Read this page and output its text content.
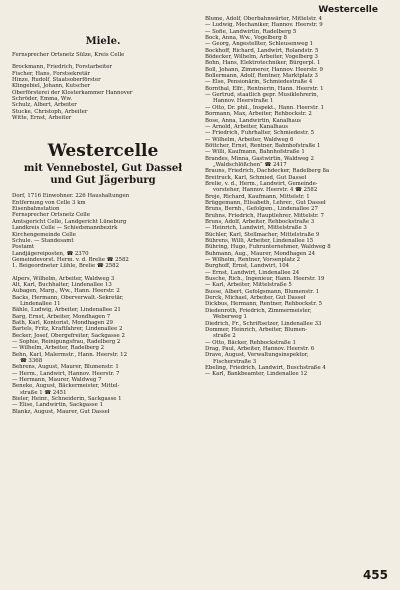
Westercelle
Miele.
Fernsprecher Ortsnetz Sülze, Kreis Celle
Brockmann, Friedrich, Forstarbeiter
Fischer, Hans, Forstsekretär
Hinze, Rudolf, Staatsoberförster
Klingebiel, Johann, Kutscher
Oberförsterei der Klosterkammer Hannover
Schröder, Emma, Ww.
Schulz, Albert, Arbeiter
Stucke, Christoph, Arbeiter
Witte, Ernst, Arbeiter
Westercelle
mit Vennebostel, Gut Dasseł
und Gut Jägerburg
Dorf, 1716 Einwohner. 226 Haushaltungen
Entfernung von Celle 3 km
Eisenbahnstation
Fernsprecher Ortsnetz Celle
Amtsgericht Celle, Landgericht Lüneburg
Landkreis Celle — Schiedsmannbezirk
Kirchengemeinde Celle
Schule. — Standesamt
Postamt
Landjägereiposten, ☎ 2370
Gemeindevorst. Herm. v. d. Brelie ☎ 2582
1. Beigeordneter Lühle, Brelie ☎ 2582
Alpers, Wilhelm, Arbeiter, Waldweg 3
Alt, Karl, Buchhalter, Lindenallee 13
Aubagen, Marg., Ww., Hann. Heerstr. 2
Backs, Hermann, Oberverwalt.-Sekretär,
Lindenallee 11
Bähle, Ludwig, Arbeiter, Lindenallee 21
Barg, Ernst, Arbeiter, Mondhagen 7
Bath, Karl, Kontorist, Mondhagen 29
Bartels, Fritz, Kraftfahrer, Lindenallee 2
Becker, Josef, Obergefreiter, Sackgasse 2
— Sophie, Reinigungsfrau, Radelberg 2
— Wilhelm, Arbeiter, Radelberg 2
Behn, Karl, Malermstr., Hann. Heerstr. 12
☎ 3368
Behrens, August, Maurer, Blumenstr. 1
— Herm., Landwirt, Hannov. Heerstr. 7
— Hermann, Maurer, Waldweg 7
Beneke, August, Bäckermeister, Mittel-
straße 1 ☎ 2451
Bieler, Heinr., Schneiderin, Sackgasse 1
— Elise, Landwirtin, Sackgasse 1
Blankz, August, Maurer, Gut Dasseł
Blume, Adolf, Oberbahnwärter, Mittelstr. 4
— Ludwig, Mechaniker, Hannov. Heerstr. 9
— Sofie, Landwirtin, Radelberg 5
Bock, Anna, Ww., Vogelberg 8
— Georg, Angestellter, Schleusenweg 1
Bockhoff, Richard, Landwirt, Rolandstr. 5
Bödecker, Wilhelm, Arbeiter, Vogelberg 3
Bohn, Hans, Elektrotechniker, Bürgerpl. 1
Boll, Johann, Zimmerer, Hannov. Heerstr. 9
Bollermann, Adolf, Rentner, Marktplatz 3
— Else, Pensionärin, Schmiedestraße 4
Bornthal, Elfr., Rentnerin, Hann. Heerstr. 1
— Gertrud, staatlich gepr. Musiklehrerin,
Hannov. Heerstraße 1
— Otto, Dr. phil., Inspekt., Hann. Heerstr. 1
Bormann, Max, Arbeiter, Rehbockstr. 2
Bose, Anna, Landwirtin, Kanalhaus
— Arnold, Arbeiter, Kanalhaus
— Friedrich, Fuhrhalter, Schmiedestr. 5
— Wilhelm, Arbeiter, Waldweg 6
Böttcher, Ernst, Rentner, Bahnhofstraße 1
— Willi, Kaufmann, Bahnhofstraße 1
Brandes, Minna, Gastwirtin, Waldweg 2
„Waldschlößchen“ ☎ 2417
Brauns, Friedrich, Dachdecker, Radelberg 8a
Breitruck, Karl, Schmied, Gut Dasseł
Brelie, v. d., Herm., Landwirt, Gemeinde-
vorsteher, Hannov. Heerstr. 4 ☎ 2582
Broje, Richard, Kaufmann, Mittelstr. 1
Brüggemann, Elisabeth, Lehrer., Gut Dasseł
Bruns, Bernh., Gefolgsm., Lindenallee 27
Bruhns, Friedrich, Hauptlehrer, Mittelstr. 7
Bruns, Adolf, Arbeiter, Rehbockstraße 3
— Heinrich, Landwirt, Mittelstraße 3
Büchler, Karl, Stellmacher, Mittelstraße 9
Bührens, Willi, Arbeiter, Lindenallee 15
Bühring, Hugo, Fuhrunternehmer, Waldweg 8
Buhmann, Aug., Maurer, Mondhagen 24
— Wilhelm, Rentner, Vorsenplatz 2
Burghoff, Ernst, Landwirt, 104
— Ernst, Landwirt, Lindenallee 24
Busche, Rich., Ingenieur, Hann. Heerstr. 19
— Karl, Arbeiter, Mittelstraße 5
Busse, Albert, Gefolgsmann, Blumenstr. 1
Derck, Michael, Arbeiter, Gut Dasseł
Dickbus, Hermann, Rentner, Rehbockstr. 5
Diedenroth, Friedrich, Zimmermeister,
Weberweg 1
Diedrich, Fr., Schriftsetzer, Lindenallee 33
Dommer, Heinrich, Arbeiter, Blumen-
straße 2
— Otto, Bäcker, Rehbockstraße 1
Drag, Paul, Arbeiter, Hannov. Heerstr. 6
Drave, August, Verwaltungsinspektor,
Fischerstraße 3
Ebeling, Friedrich, Landwirt, Buschstraße 4
— Karl, Bankbeamter, Lindenallee 12
455
